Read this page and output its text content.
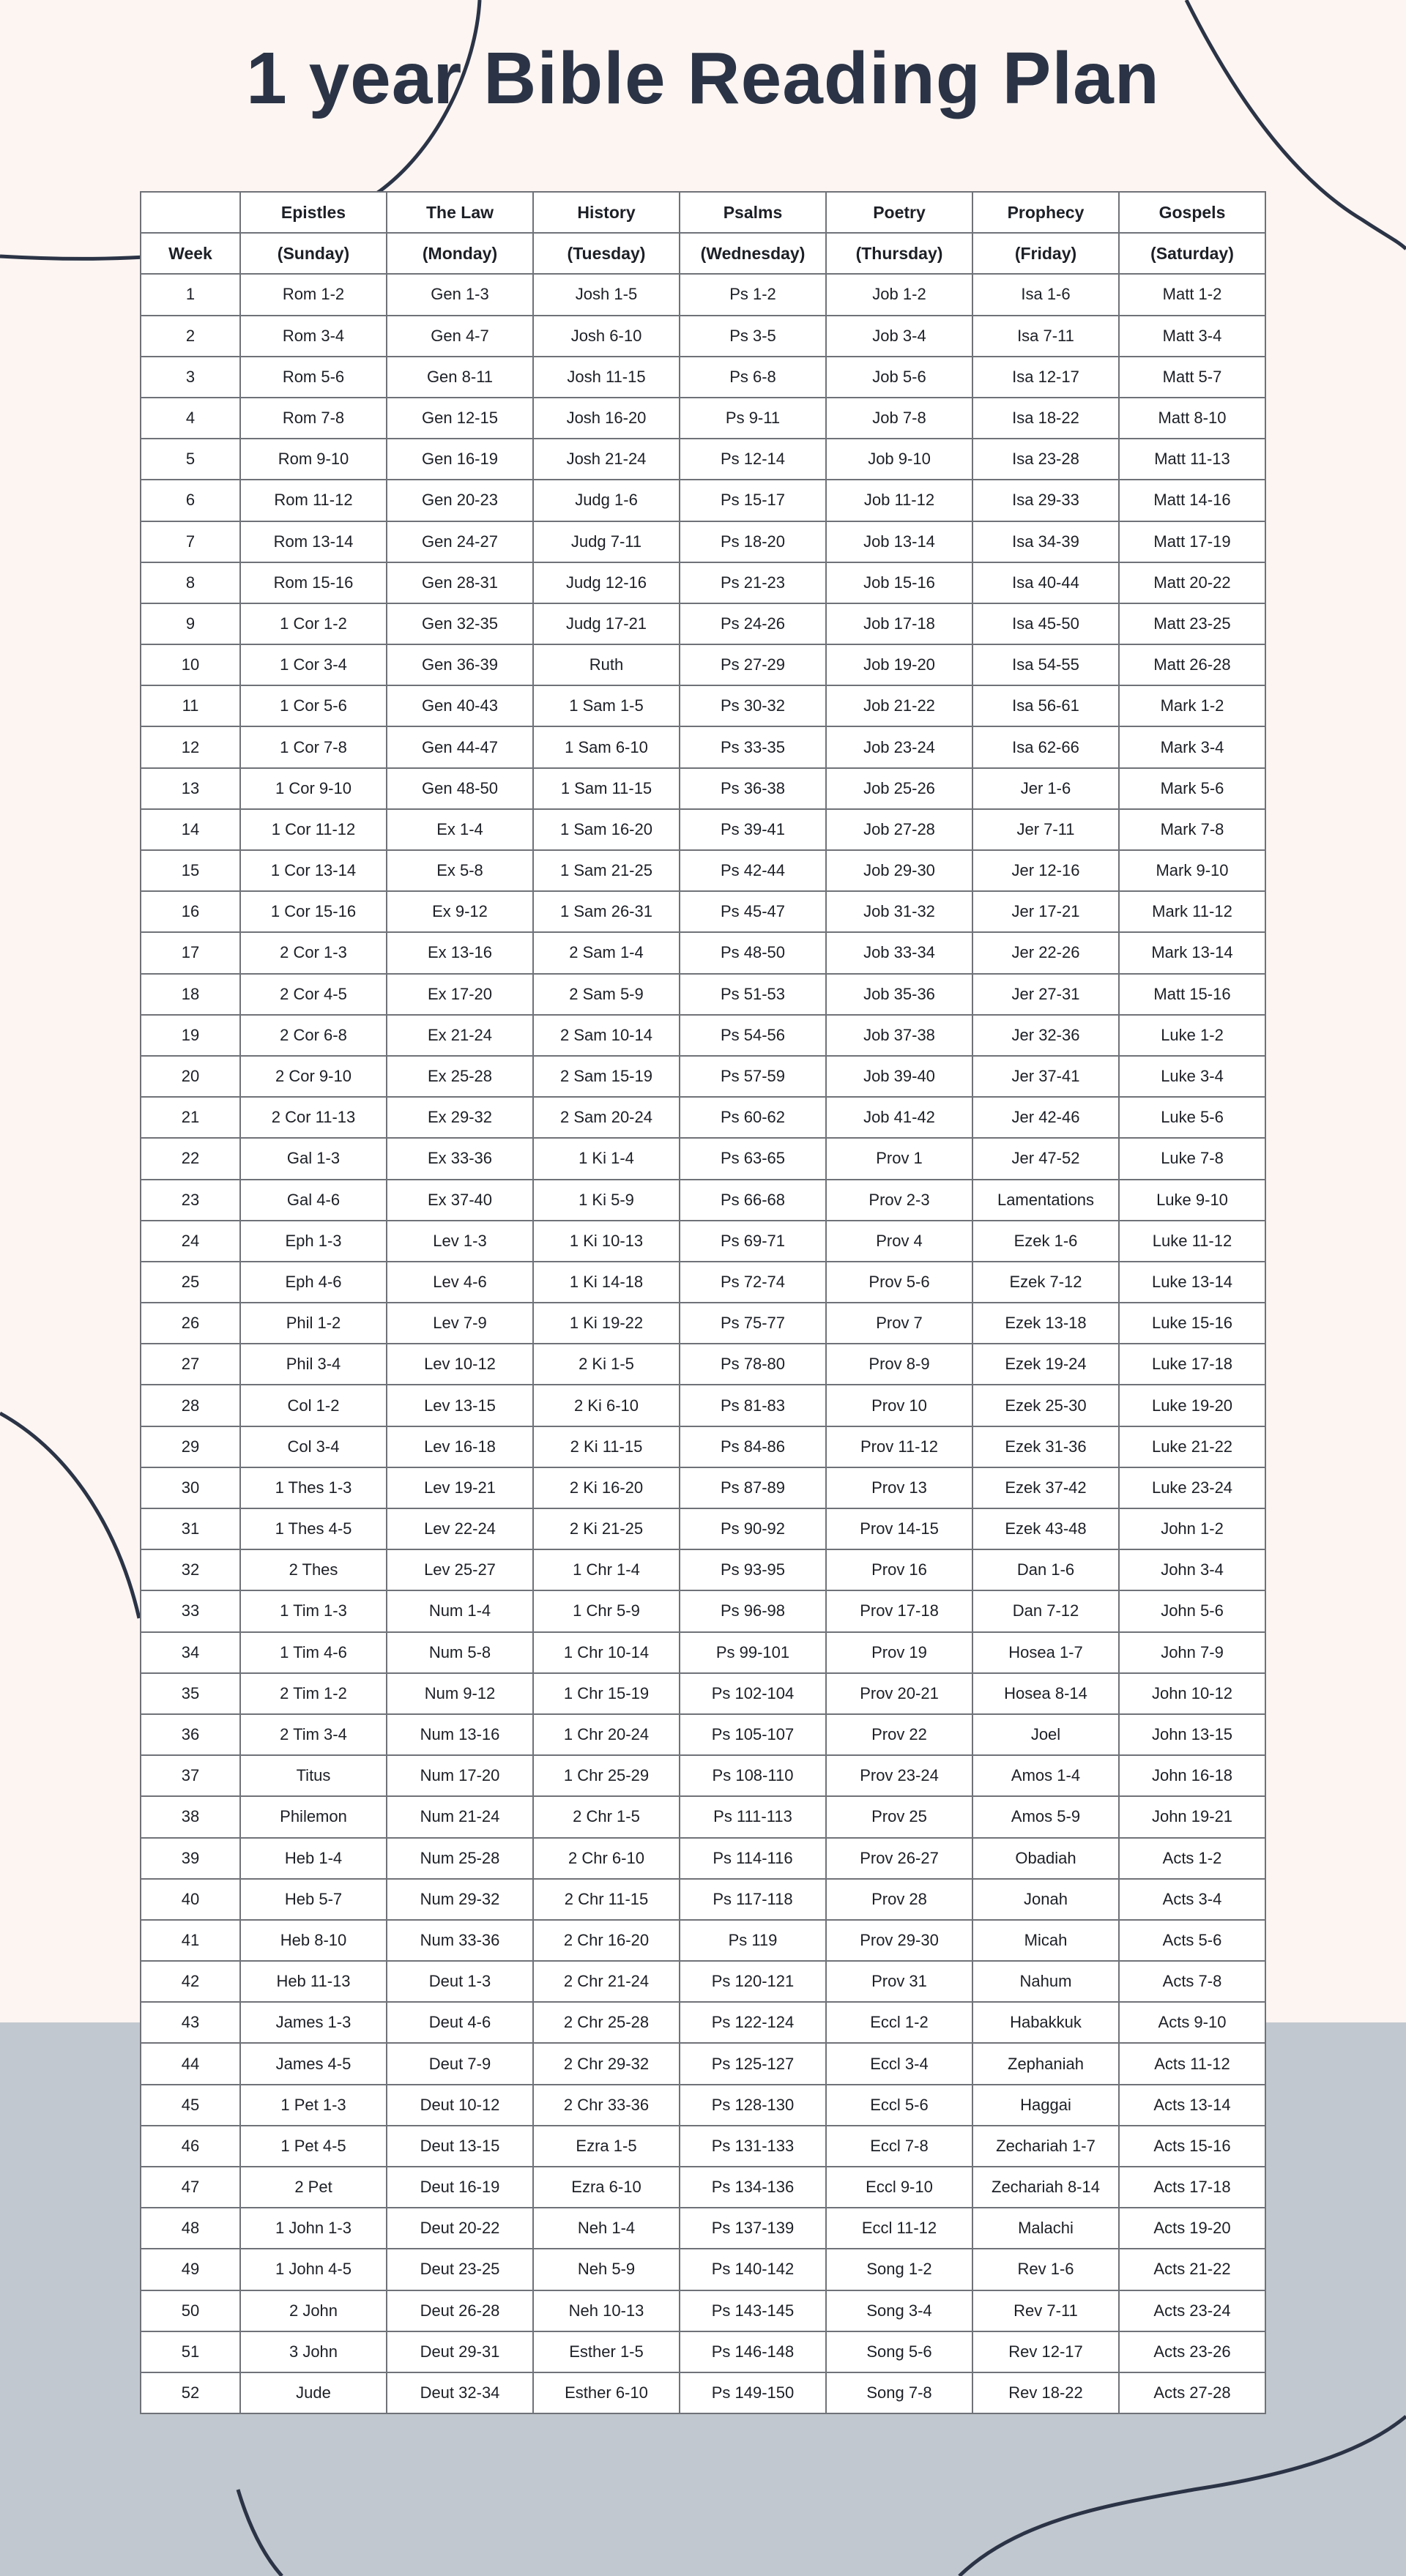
1 year Bible Reading Plan
	Epistles	The Law	History	Psalms	Poetry	Prophecy	Gospels
Week	(Sunday)	(Monday)	(Tuesday)	(Wednesday)	(Thursday)	(Friday)	(Saturday)
1	Rom 1-2	Gen 1-3	Josh 1-5	Ps 1-2	Job 1-2	Isa 1-6	Matt 1-2
2	Rom 3-4	Gen 4-7	Josh 6-10	Ps 3-5	Job 3-4	Isa 7-11	Matt 3-4
3	Rom 5-6	Gen 8-11	Josh 11-15	Ps 6-8	Job 5-6	Isa 12-17	Matt 5-7
4	Rom 7-8	Gen 12-15	Josh 16-20	Ps 9-11	Job 7-8	Isa 18-22	Matt 8-10
5	Rom 9-10	Gen 16-19	Josh 21-24	Ps 12-14	Job 9-10	Isa 23-28	Matt 11-13
6	Rom 11-12	Gen 20-23	Judg 1-6	Ps 15-17	Job 11-12	Isa 29-33	Matt 14-16
7	Rom 13-14	Gen 24-27	Judg 7-11	Ps 18-20	Job 13-14	Isa 34-39	Matt 17-19
8	Rom 15-16	Gen 28-31	Judg 12-16	Ps 21-23	Job 15-16	Isa 40-44	Matt 20-22
9	1 Cor 1-2	Gen 32-35	Judg 17-21	Ps 24-26	Job 17-18	Isa 45-50	Matt 23-25
10	1 Cor 3-4	Gen 36-39	Ruth	Ps 27-29	Job 19-20	Isa 54-55	Matt 26-28
11	1 Cor 5-6	Gen 40-43	1 Sam 1-5	Ps 30-32	Job 21-22	Isa 56-61	Mark 1-2
12	1 Cor 7-8	Gen 44-47	1 Sam 6-10	Ps 33-35	Job 23-24	Isa 62-66	Mark 3-4
13	1 Cor 9-10	Gen 48-50	1 Sam 11-15	Ps 36-38	Job 25-26	Jer 1-6	Mark 5-6
14	1 Cor 11-12	Ex 1-4	1 Sam 16-20	Ps 39-41	Job 27-28	Jer 7-11	Mark 7-8
15	1 Cor 13-14	Ex 5-8	1 Sam 21-25	Ps 42-44	Job 29-30	Jer 12-16	Mark 9-10
16	1 Cor 15-16	Ex 9-12	1 Sam 26-31	Ps 45-47	Job 31-32	Jer 17-21	Mark 11-12
17	2 Cor 1-3	Ex 13-16	2 Sam 1-4	Ps 48-50	Job 33-34	Jer 22-26	Mark 13-14
18	2 Cor 4-5	Ex 17-20	2 Sam 5-9	Ps 51-53	Job 35-36	Jer 27-31	Matt 15-16
19	2 Cor 6-8	Ex 21-24	2 Sam 10-14	Ps 54-56	Job 37-38	Jer 32-36	Luke 1-2
20	2 Cor 9-10	Ex 25-28	2 Sam 15-19	Ps 57-59	Job 39-40	Jer 37-41	Luke 3-4
21	2 Cor 11-13	Ex 29-32	2 Sam 20-24	Ps 60-62	Job 41-42	Jer 42-46	Luke 5-6
22	Gal 1-3	Ex 33-36	1 Ki 1-4	Ps 63-65	Prov 1	Jer 47-52	Luke 7-8
23	Gal 4-6	Ex 37-40	1 Ki 5-9	Ps 66-68	Prov 2-3	Lamentations	Luke 9-10
24	Eph 1-3	Lev 1-3	1 Ki 10-13	Ps 69-71	Prov 4	Ezek 1-6	Luke 11-12
25	Eph 4-6	Lev 4-6	1 Ki 14-18	Ps 72-74	Prov 5-6	Ezek 7-12	Luke 13-14
26	Phil 1-2	Lev 7-9	1 Ki 19-22	Ps 75-77	Prov 7	Ezek 13-18	Luke 15-16
27	Phil 3-4	Lev 10-12	2 Ki 1-5	Ps 78-80	Prov 8-9	Ezek 19-24	Luke 17-18
28	Col 1-2	Lev 13-15	2 Ki 6-10	Ps 81-83	Prov 10	Ezek 25-30	Luke 19-20
29	Col 3-4	Lev 16-18	2 Ki 11-15	Ps 84-86	Prov 11-12	Ezek 31-36	Luke 21-22
30	1 Thes 1-3	Lev 19-21	2 Ki 16-20	Ps 87-89	Prov 13	Ezek 37-42	Luke 23-24
31	1 Thes 4-5	Lev 22-24	2 Ki 21-25	Ps 90-92	Prov 14-15	Ezek 43-48	John 1-2
32	2 Thes	Lev 25-27	1 Chr 1-4	Ps 93-95	Prov 16	Dan 1-6	John 3-4
33	1 Tim 1-3	Num 1-4	1 Chr 5-9	Ps 96-98	Prov 17-18	Dan 7-12	John 5-6
34	1 Tim 4-6	Num 5-8	1 Chr 10-14	Ps 99-101	Prov 19	Hosea 1-7	John 7-9
35	2 Tim 1-2	Num 9-12	1 Chr 15-19	Ps 102-104	Prov 20-21	Hosea 8-14	John 10-12
36	2 Tim 3-4	Num 13-16	1 Chr 20-24	Ps 105-107	Prov 22	Joel	John 13-15
37	Titus	Num 17-20	1 Chr 25-29	Ps 108-110	Prov 23-24	Amos 1-4	John 16-18
38	Philemon	Num 21-24	2 Chr 1-5	Ps 111-113	Prov 25	Amos 5-9	John 19-21
39	Heb 1-4	Num 25-28	2 Chr 6-10	Ps 114-116	Prov 26-27	Obadiah	Acts 1-2
40	Heb 5-7	Num 29-32	2 Chr 11-15	Ps 117-118	Prov 28	Jonah	Acts 3-4
41	Heb 8-10	Num 33-36	2 Chr 16-20	Ps 119	Prov 29-30	Micah	Acts 5-6
42	Heb 11-13	Deut 1-3	2 Chr 21-24	Ps 120-121	Prov 31	Nahum	Acts 7-8
43	James 1-3	Deut 4-6	2 Chr 25-28	Ps 122-124	Eccl 1-2	Habakkuk	Acts 9-10
44	James 4-5	Deut 7-9	2 Chr 29-32	Ps 125-127	Eccl 3-4	Zephaniah	Acts 11-12
45	1 Pet 1-3	Deut 10-12	2 Chr 33-36	Ps 128-130	Eccl 5-6	Haggai	Acts 13-14
46	1 Pet 4-5	Deut 13-15	Ezra 1-5	Ps 131-133	Eccl 7-8	Zechariah 1-7	Acts 15-16
47	2 Pet	Deut 16-19	Ezra 6-10	Ps 134-136	Eccl 9-10	Zechariah 8-14	Acts 17-18
48	1 John 1-3	Deut 20-22	Neh 1-4	Ps 137-139	Eccl 11-12	Malachi	Acts 19-20
49	1 John 4-5	Deut 23-25	Neh 5-9	Ps 140-142	Song 1-2	Rev 1-6	Acts 21-22
50	2 John	Deut 26-28	Neh 10-13	Ps 143-145	Song 3-4	Rev 7-11	Acts 23-24
51	3 John	Deut 29-31	Esther 1-5	Ps 146-148	Song 5-6	Rev 12-17	Acts 23-26
52	Jude	Deut 32-34	Esther 6-10	Ps 149-150	Song 7-8	Rev 18-22	Acts 27-28
